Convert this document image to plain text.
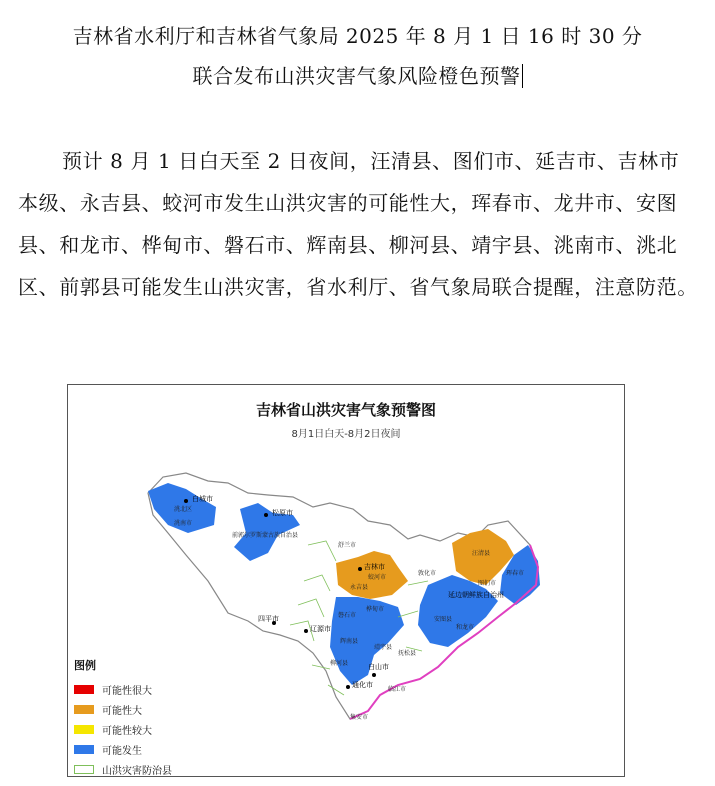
吉林省水利厅和吉林省气象局 2025 年 8 月 1 日 16 时 30 分
联合发布山洪灾害气象风险橙色预警

预计 8 月 1 日白天至 2 日夜间，汪清县、图们市、延吉市、吉林市本级、永吉县、蛟河市发生山洪灾害的可能性大，珲春市、龙井市、安图县、和龙市、桦甸市、磐石市、辉南县、柳河县、靖宇县、洮南市、洮北区、前郭县可能发生山洪灾害，省水利厅、省气象局联合提醒，注意防范。

吉林省山洪灾害气象预警图
8月1日白天-8月2日夜间
白城市
洮北区
洮南市
松原市
前郭尔罗斯蒙古族自治县
舒兰市
吉林市
蛟河市
永吉县
敦化市
汪清县
珲春市
图们市
延边朝鲜族自治州
安图县
和龙市
桦甸市
磐石市
辉南县
柳河县
靖宇县
四平市
辽源市
白山市
通化市
抚松县
临江市
集安市
图例
可能性很大
可能性大
可能性较大
可能发生
山洪灾害防治县
